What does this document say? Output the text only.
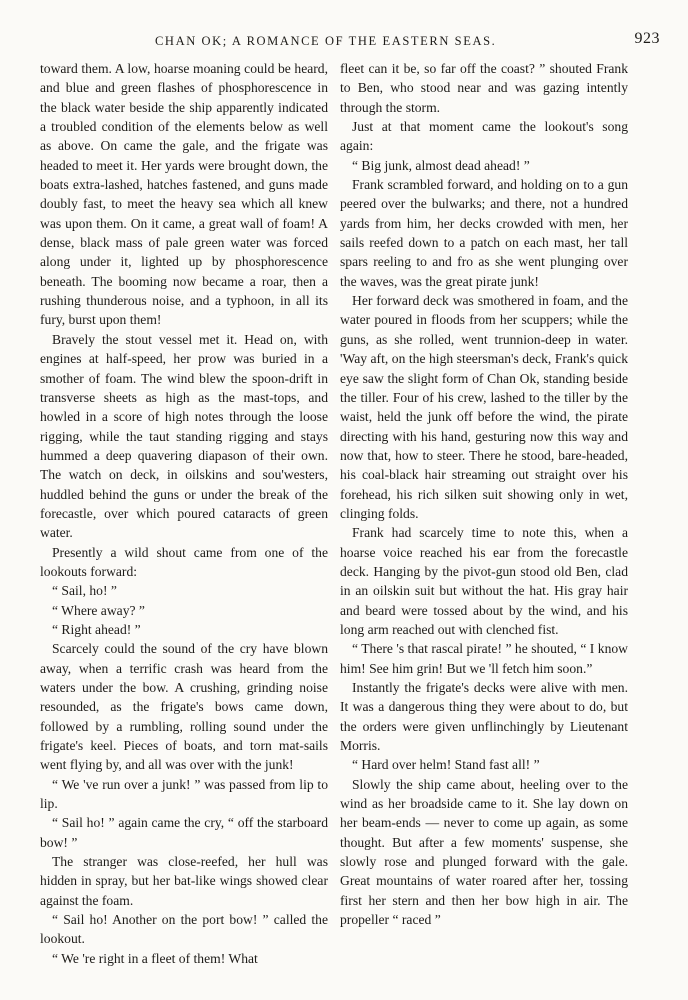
CHAN OK; A ROMANCE OF THE EASTERN SEAS.	923

toward them. A low, hoarse moaning could be heard, and blue and green flashes of phosphorescence in the black water beside the ship apparently indicated a troubled condition of the elements below as well as above. On came the gale, and the frigate was headed to meet it. Her yards were brought down, the boats extra-lashed, hatches fastened, and guns made doubly fast, to meet the heavy sea which all knew was upon them. On it came, a great wall of foam! A dense, black mass of pale green water was forced along under it, lighted up by phosphorescence beneath. The booming now became a roar, then a rushing thunderous noise, and a typhoon, in all its fury, burst upon them!

Bravely the stout vessel met it. Head on, with engines at half-speed, her prow was buried in a smother of foam. The wind blew the spoon-drift in transverse sheets as high as the mast-tops, and howled in a score of high notes through the loose rigging, while the taut standing rigging and stays hummed a deep quavering diapason of their own. The watch on deck, in oilskins and sou'westers, huddled behind the guns or under the break of the forecastle, over which poured cataracts of green water.

Presently a wild shout came from one of the lookouts forward:

“ Sail, ho! ”

“ Where away? ”

“ Right ahead! ”

Scarcely could the sound of the cry have blown away, when a terrific crash was heard from the waters under the bow. A crushing, grinding noise resounded, as the frigate's bows came down, followed by a rumbling, rolling sound under the frigate's keel. Pieces of boats, and torn mat-sails went flying by, and all was over with the junk!

“ We 've run over a junk! ” was passed from lip to lip.

“ Sail ho! ” again came the cry, “ off the starboard bow! ”

The stranger was close-reefed, her hull was hidden in spray, but her bat-like wings showed clear against the foam.

“ Sail ho! Another on the port bow! ” called the lookout.

“ We 're right in a fleet of them! What

fleet can it be, so far off the coast? ” shouted Frank to Ben, who stood near and was gazing intently through the storm.

Just at that moment came the lookout's song again:

“ Big junk, almost dead ahead! ”

Frank scrambled forward, and holding on to a gun peered over the bulwarks; and there, not a hundred yards from him, her decks crowded with men, her sails reefed down to a patch on each mast, her tall spars reeling to and fro as she went plunging over the waves, was the great pirate junk!

Her forward deck was smothered in foam, and the water poured in floods from her scuppers; while the guns, as she rolled, went trunnion-deep in water. 'Way aft, on the high steersman's deck, Frank's quick eye saw the slight form of Chan Ok, standing beside the tiller. Four of his crew, lashed to the tiller by the waist, held the junk off before the wind, the pirate directing with his hand, gesturing now this way and now that, how to steer. There he stood, bare-headed, his coal-black hair streaming out straight over his forehead, his rich silken suit showing only in wet, clinging folds.

Frank had scarcely time to note this, when a hoarse voice reached his ear from the forecastle deck. Hanging by the pivot-gun stood old Ben, clad in an oilskin suit but without the hat. His gray hair and beard were tossed about by the wind, and his long arm reached out with clenched fist.

“ There 's that rascal pirate! ” he shouted, “ I know him! See him grin! But we 'll fetch him soon.”

Instantly the frigate's decks were alive with men. It was a dangerous thing they were about to do, but the orders were given unflinchingly by Lieutenant Morris.

“ Hard over helm! Stand fast all! ”

Slowly the ship came about, heeling over to the wind as her broadside came to it. She lay down on her beam-ends — never to come up again, as some thought. But after a few moments' suspense, she slowly rose and plunged forward with the gale. Great mountains of water roared after her, tossing first her stern and then her bow high in air. The propeller “ raced ”
